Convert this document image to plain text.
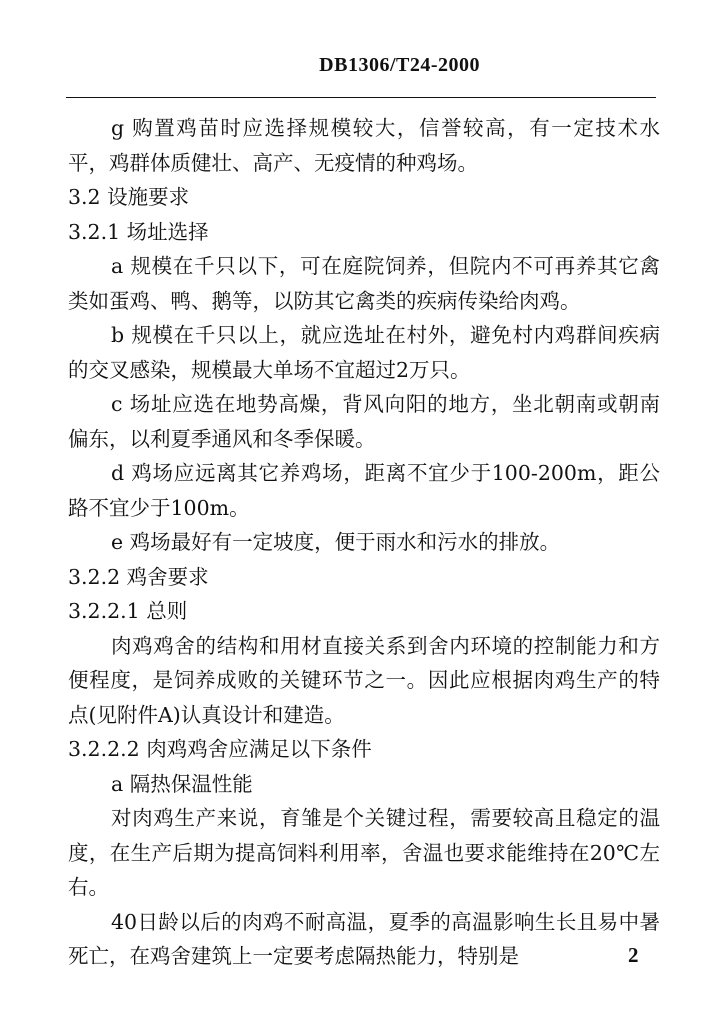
DB1306/T24-2000

g 购置鸡苗时应选择规模较大，信誉较高，有一定技术水平，鸡群体质健壮、高产、无疫情的种鸡场。

3.2 设施要求

3.2.1 场址选择

a 规模在千只以下，可在庭院饲养，但院内不可再养其它禽类如蛋鸡、鸭、鹅等，以防其它禽类的疾病传染给肉鸡。

b 规模在千只以上，就应选址在村外，避免村内鸡群间疾病的交叉感染，规模最大单场不宜超过2万只。

c 场址应选在地势高燥，背风向阳的地方，坐北朝南或朝南偏东，以利夏季通风和冬季保暖。

d 鸡场应远离其它养鸡场，距离不宜少于100-200m，距公路不宜少于100m。

e 鸡场最好有一定坡度，便于雨水和污水的排放。

3.2.2 鸡舍要求

3.2.2.1 总则

肉鸡鸡舍的结构和用材直接关系到舍内环境的控制能力和方便程度，是饲养成败的关键环节之一。因此应根据肉鸡生产的特点(见附件A)认真设计和建造。

3.2.2.2 肉鸡鸡舍应满足以下条件

a 隔热保温性能

对肉鸡生产来说，育雏是个关键过程，需要较高且稳定的温度，在生产后期为提高饲料利用率，舍温也要求能维持在20℃左右。

40日龄以后的肉鸡不耐高温，夏季的高温影响生长且易中暑死亡，在鸡舍建筑上一定要考虑隔热能力，特别是	2
